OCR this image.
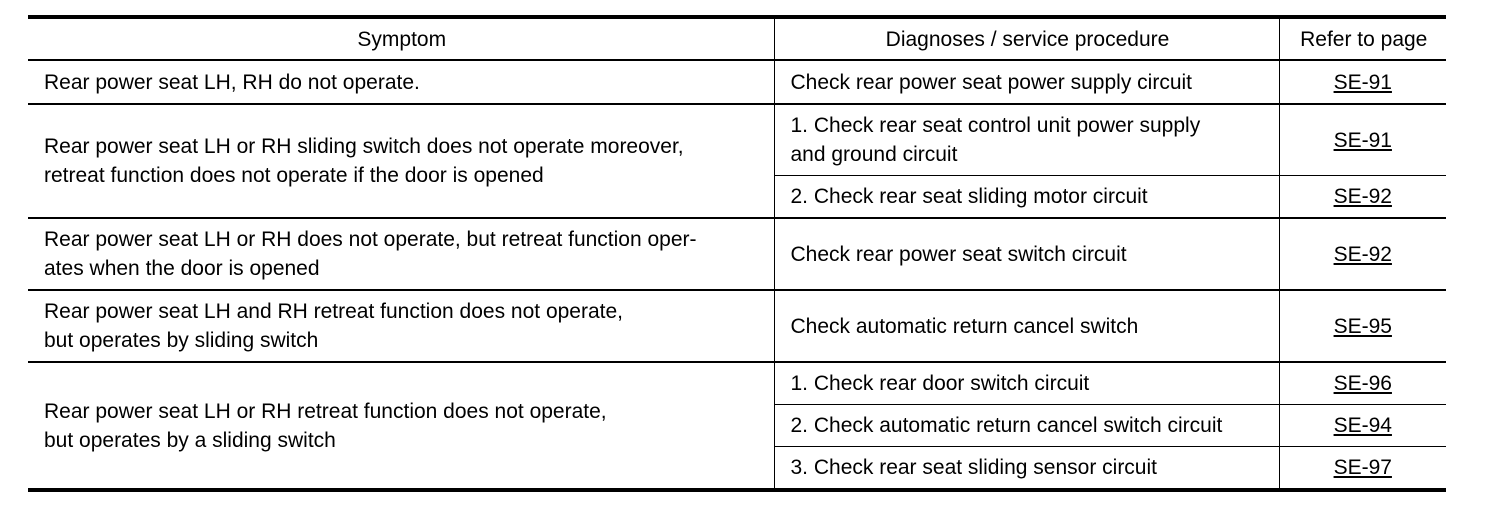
Symptom	Diagnoses / service procedure	Refer to page

Rear power seat LH, RH do not operate.	Check rear power seat power supply circuit	SE-91

Rear power seat LH or RH sliding switch does not operate moreover,
retreat function does not operate if the door is opened	1. Check rear seat control unit power supply
and ground circuit	SE-91

	2. Check rear seat sliding motor circuit	SE-92

Rear power seat LH or RH does not operate, but retreat function oper-
ates when the door is opened	Check rear power seat switch circuit	SE-92

Rear power seat LH and RH retreat function does not operate,
but operates by sliding switch	Check automatic return cancel switch	SE-95

Rear power seat LH or RH retreat function does not operate,
but operates by a sliding switch	1. Check rear door switch circuit	SE-96

	2. Check automatic return cancel switch circuit	SE-94

	3. Check rear seat sliding sensor circuit	SE-97
